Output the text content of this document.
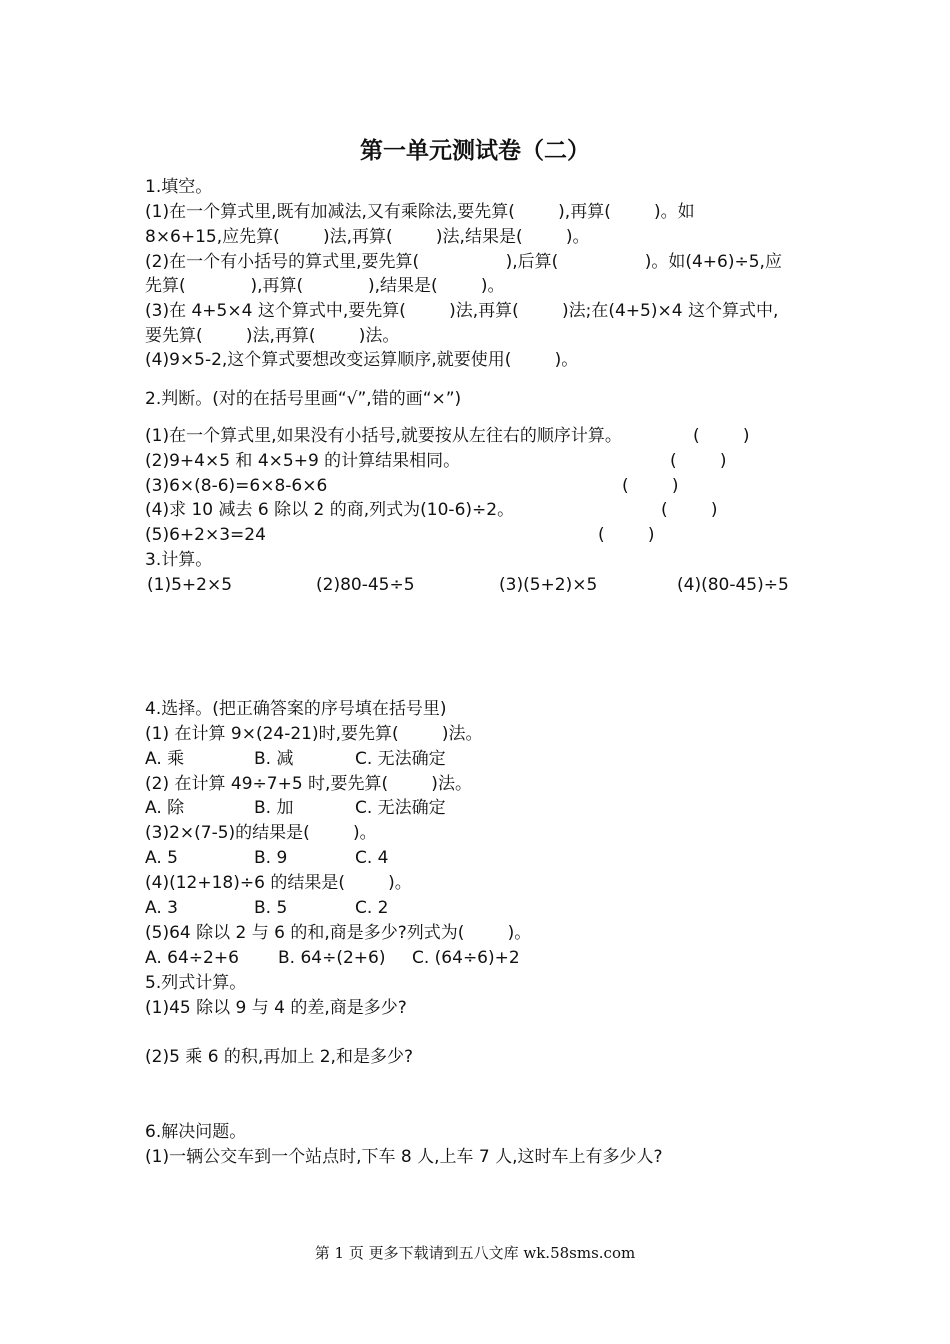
第一单元测试卷（二）
1.填空。
(1)在一个算式里,既有加减法,又有乘除法,要先算(        ),再算(        )。如
8×6+15,应先算(        )法,再算(        )法,结果是(        )。
(2)在一个有小括号的算式里,要先算(                ),后算(                )。如(4+6)÷5,应
先算(            ),再算(            ),结果是(        )。
(3)在 4+5×4 这个算式中,要先算(        )法,再算(        )法;在(4+5)×4 这个算式中,
要先算(        )法,再算(        )法。
(4)9×5-2,这个算式要想改变运算顺序,就要使用(        )。
2.判断。(对的在括号里画“√”,错的画“×”)
(1)在一个算式里,如果没有小括号,就要按从左往右的顺序计算。	(        )
(2)9+4×5 和 4×5+9 的计算结果相同。	(        )
(3)6×(8-6)=6×8-6×6	(        )
(4)求 10 减去 6 除以 2 的商,列式为(10-6)÷2。	(        )
(5)6+2×3=24	(        )
3.计算。
(1)5+2×5	(2)80-45÷5	(3)(5+2)×5	(4)(80-45)÷5
4.选择。(把正确答案的序号填在括号里)
(1) 在计算 9×(24-21)时,要先算(        )法。
A. 乘	B. 减	C. 无法确定
(2) 在计算 49÷7+5 时,要先算(        )法。
A. 除	B. 加	C. 无法确定
(3)2×(7-5)的结果是(        )。
A. 5	B. 9	C. 4
(4)(12+18)÷6 的结果是(        )。
A. 3	B. 5	C. 2
(5)64 除以 2 与 6 的和,商是多少?列式为(        )。
A. 64÷2+6 B. 64÷(2+6) C. (64÷6)+2
5.列式计算。
(1)45 除以 9 与 4 的差,商是多少?
(2)5 乘 6 的积,再加上 2,和是多少?
6.解决问题。
(1)一辆公交车到一个站点时,下车 8 人,上车 7 人,这时车上有多少人?
第 1 页 更多下载请到五八文库 wk.58sms.com
